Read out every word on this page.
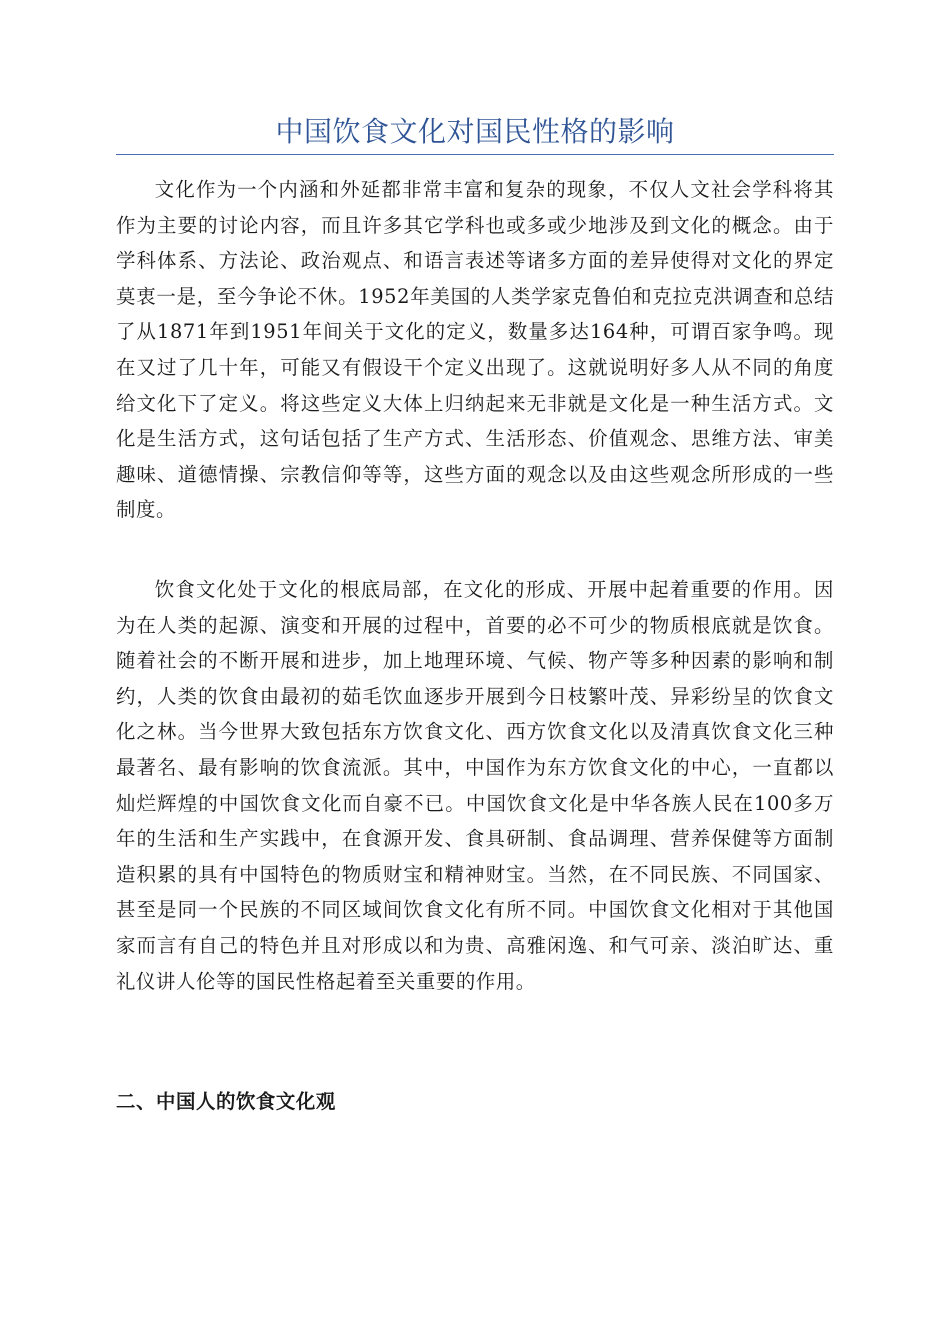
中国饮食文化对国民性格的影响

文化作为一个内涵和外延都非常丰富和复杂的现象，不仅人文社会学科将其作为主要的讨论内容，而且许多其它学科也或多或少地涉及到文化的概念。由于学科体系、方法论、政治观点、和语言表述等诸多方面的差异使得对文化的界定莫衷一是，至今争论不休。1952年美国的人类学家克鲁伯和克拉克洪调查和总结了从1871年到1951年间关于文化的定义，数量多达164种，可谓百家争鸣。现在又过了几十年，可能又有假设干个定义出现了。这就说明好多人从不同的角度给文化下了定义。将这些定义大体上归纳起来无非就是文化是一种生活方式。文化是生活方式，这句话包括了生产方式、生活形态、价值观念、思维方法、审美趣味、道德情操、宗教信仰等等，这些方面的观念以及由这些观念所形成的一些制度。

饮食文化处于文化的根底局部，在文化的形成、开展中起着重要的作用。因为在人类的起源、演变和开展的过程中，首要的必不可少的物质根底就是饮食。随着社会的不断开展和进步，加上地理环境、气候、物产等多种因素的影响和制约，人类的饮食由最初的茹毛饮血逐步开展到今日枝繁叶茂、异彩纷呈的饮食文化之林。当今世界大致包括东方饮食文化、西方饮食文化以及清真饮食文化三种最著名、最有影响的饮食流派。其中，中国作为东方饮食文化的中心，一直都以灿烂辉煌的中国饮食文化而自豪不已。中国饮食文化是中华各族人民在100多万年的生活和生产实践中，在食源开发、食具研制、食品调理、营养保健等方面制造积累的具有中国特色的物质财宝和精神财宝。当然，在不同民族、不同国家、甚至是同一个民族的不同区域间饮食文化有所不同。中国饮食文化相对于其他国家而言有自己的特色并且对形成以和为贵、高雅闲逸、和气可亲、淡泊旷达、重礼仪讲人伦等的国民性格起着至关重要的作用。

二、中国人的饮食文化观
